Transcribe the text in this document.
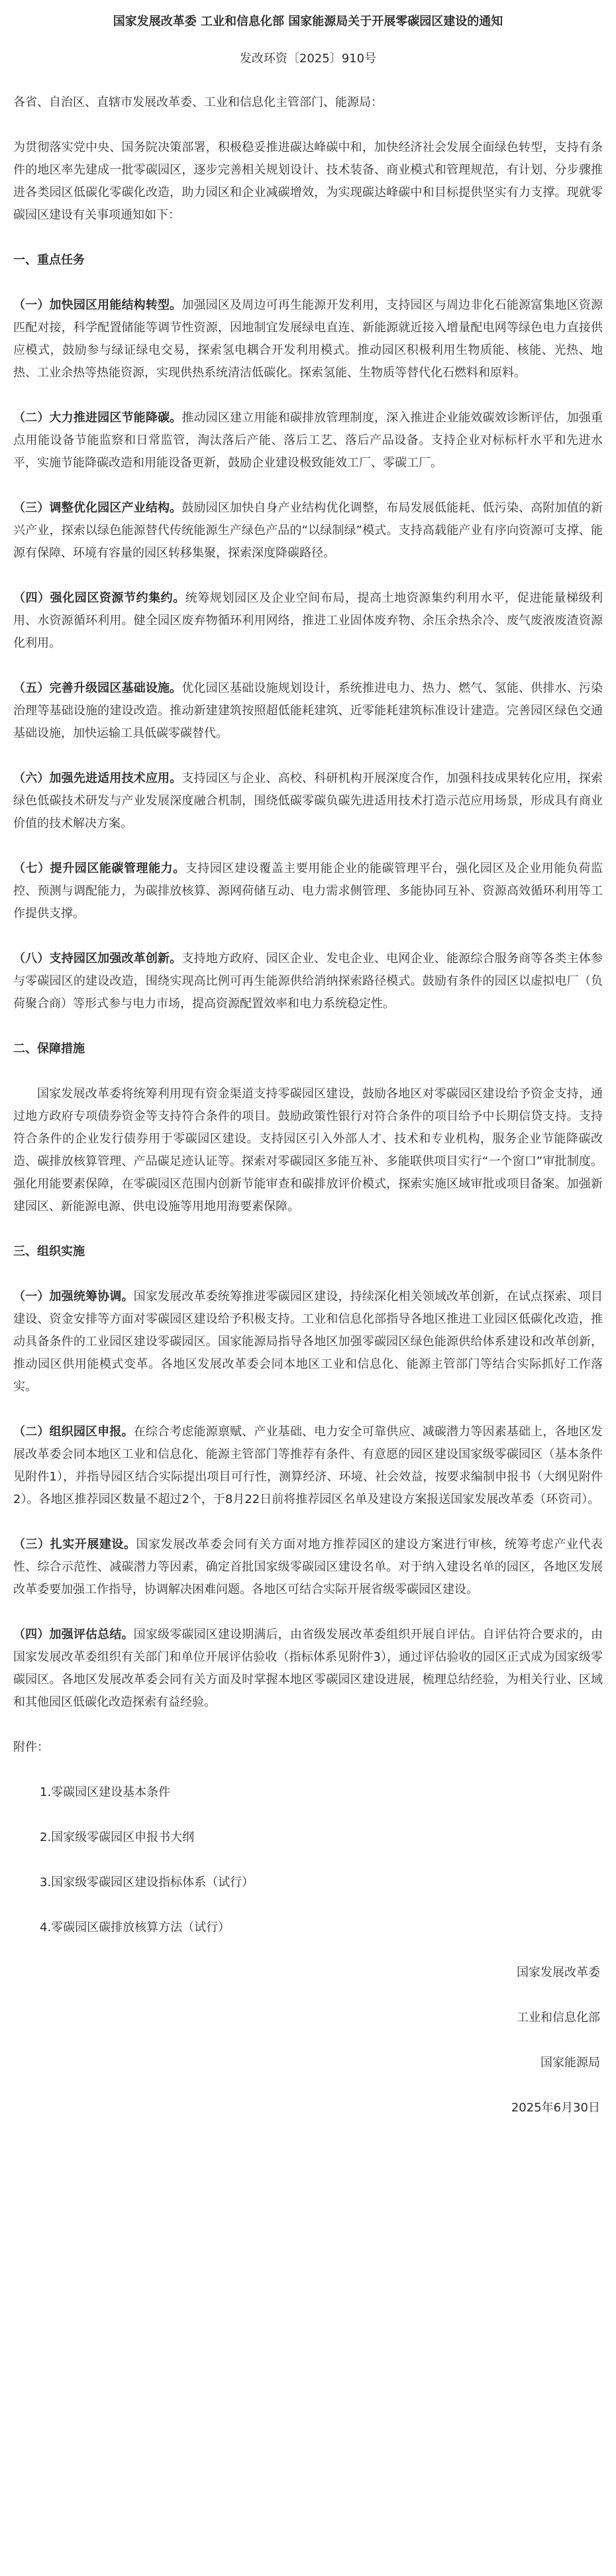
国家发展改革委 工业和信息化部 国家能源局关于开展零碳园区建设的通知
发改环资〔2025〕910号
各省、自治区、直辖市发展改革委、工业和信息化主管部门、能源局：
为贯彻落实党中央、国务院决策部署，积极稳妥推进碳达峰碳中和，加快经济社会发展全面绿色转型，支持有条件的地区率先建成一批零碳园区，逐步完善相关规划设计、技术装备、商业模式和管理规范，有计划、分步骤推进各类园区低碳化零碳化改造，助力园区和企业减碳增效，为实现碳达峰碳中和目标提供坚实有力支撑。现就零碳园区建设有关事项通知如下：
一、重点任务
（一）加快园区用能结构转型。加强园区及周边可再生能源开发利用，支持园区与周边非化石能源富集地区资源匹配对接，科学配置储能等调节性资源，因地制宜发展绿电直连、新能源就近接入增量配电网等绿色电力直接供应模式，鼓励参与绿证绿电交易，探索氢电耦合开发利用模式。推动园区积极利用生物质能、核能、光热、地热、工业余热等热能资源，实现供热系统清洁低碳化。探索氢能、生物质等替代化石燃料和原料。
（二）大力推进园区节能降碳。推动园区建立用能和碳排放管理制度，深入推进企业能效碳效诊断评估，加强重点用能设备节能监察和日常监管，淘汰落后产能、落后工艺、落后产品设备。支持企业对标标杆水平和先进水平，实施节能降碳改造和用能设备更新，鼓励企业建设极致能效工厂、零碳工厂。
（三）调整优化园区产业结构。鼓励园区加快自身产业结构优化调整，布局发展低能耗、低污染、高附加值的新兴产业，探索以绿色能源替代传统能源生产绿色产品的“以绿制绿”模式。支持高载能产业有序向资源可支撑、能源有保障、环境有容量的园区转移集聚，探索深度降碳路径。
（四）强化园区资源节约集约。统筹规划园区及企业空间布局，提高土地资源集约利用水平，促进能量梯级利用、水资源循环利用。健全园区废弃物循环利用网络，推进工业固体废弃物、余压余热余冷、废气废液废渣资源化利用。
（五）完善升级园区基础设施。优化园区基础设施规划设计，系统推进电力、热力、燃气、氢能、供排水、污染治理等基础设施的建设改造。推动新建建筑按照超低能耗建筑、近零能耗建筑标准设计建造。完善园区绿色交通基础设施，加快运输工具低碳零碳替代。
（六）加强先进适用技术应用。支持园区与企业、高校、科研机构开展深度合作，加强科技成果转化应用，探索绿色低碳技术研发与产业发展深度融合机制，围绕低碳零碳负碳先进适用技术打造示范应用场景，形成具有商业价值的技术解决方案。
（七）提升园区能碳管理能力。支持园区建设覆盖主要用能企业的能碳管理平台，强化园区及企业用能负荷监控、预测与调配能力，为碳排放核算、源网荷储互动、电力需求侧管理、多能协同互补、资源高效循环利用等工作提供支撑。
（八）支持园区加强改革创新。支持地方政府、园区企业、发电企业、电网企业、能源综合服务商等各类主体参与零碳园区的建设改造，围绕实现高比例可再生能源供给消纳探索路径模式。鼓励有条件的园区以虚拟电厂（负荷聚合商）等形式参与电力市场，提高资源配置效率和电力系统稳定性。
二、保障措施
国家发展改革委将统筹利用现有资金渠道支持零碳园区建设，鼓励各地区对零碳园区建设给予资金支持，通过地方政府专项债券资金等支持符合条件的项目。鼓励政策性银行对符合条件的项目给予中长期信贷支持。支持符合条件的企业发行债券用于零碳园区建设。支持园区引入外部人才、技术和专业机构，服务企业节能降碳改造、碳排放核算管理、产品碳足迹认证等。探索对零碳园区多能互补、多能联供项目实行“一个窗口”审批制度。强化用能要素保障，在零碳园区范围内创新节能审查和碳排放评价模式，探索实施区域审批或项目备案。加强新建园区、新能源电源、供电设施等用地用海要素保障。
三、组织实施
（一）加强统筹协调。国家发展改革委统筹推进零碳园区建设，持续深化相关领域改革创新，在试点探索、项目建设、资金安排等方面对零碳园区建设给予积极支持。工业和信息化部指导各地区推进工业园区低碳化改造，推动具备条件的工业园区建设零碳园区。国家能源局指导各地区加强零碳园区绿色能源供给体系建设和改革创新，推动园区供用能模式变革。各地区发展改革委会同本地区工业和信息化、能源主管部门等结合实际抓好工作落实。
（二）组织园区申报。在综合考虑能源禀赋、产业基础、电力安全可靠供应、减碳潜力等因素基础上，各地区发展改革委会同本地区工业和信息化、能源主管部门等推荐有条件、有意愿的园区建设国家级零碳园区（基本条件见附件1），并指导园区结合实际提出项目可行性，测算经济、环境、社会效益，按要求编制申报书（大纲见附件2）。各地区推荐园区数量不超过2个，于8月22日前将推荐园区名单及建设方案报送国家发展改革委（环资司）。
（三）扎实开展建设。国家发展改革委会同有关方面对地方推荐园区的建设方案进行审核，统筹考虑产业代表性、综合示范性、减碳潜力等因素，确定首批国家级零碳园区建设名单。对于纳入建设名单的园区，各地区发展改革委要加强工作指导，协调解决困难问题。各地区可结合实际开展省级零碳园区建设。
（四）加强评估总结。国家级零碳园区建设期满后，由省级发展改革委组织开展自评估。自评估符合要求的，由国家发展改革委组织有关部门和单位开展评估验收（指标体系见附件3），通过评估验收的园区正式成为国家级零碳园区。各地区发展改革委会同有关方面及时掌握本地区零碳园区建设进展，梳理总结经验，为相关行业、区域和其他园区低碳化改造探索有益经验。
附件：
1.零碳园区建设基本条件
2.国家级零碳园区申报书大纲
3.国家级零碳园区建设指标体系（试行）
4.零碳园区碳排放核算方法（试行）
国家发展改革委
工业和信息化部
国家能源局
2025年6月30日
